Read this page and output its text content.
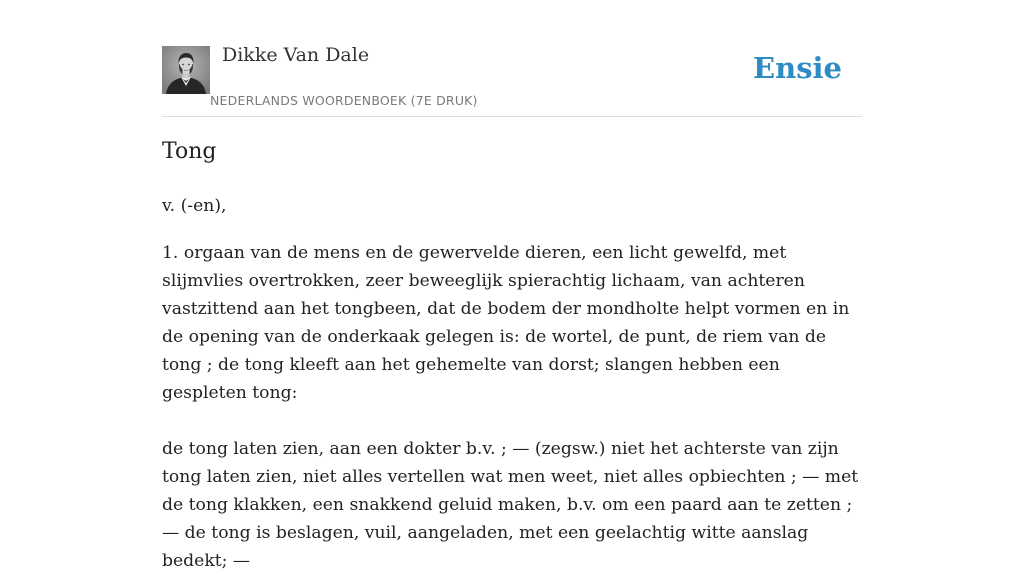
Dikke Van Dale
NEDERLANDS WOORDENBOEK (7E DRUK)
Ensie
Tong

v. (-en),

1. orgaan van de mens en de gewervelde dieren, een licht gewelfd, met slijmvlies overtrokken, zeer beweeglijk spierachtig lichaam, van achteren vastzittend aan het tongbeen, dat de bodem der mondholte helpt vormen en in de opening van de onderkaak gelegen is: de wortel, de punt, de riem van de tong ; de tong kleeft aan het gehemelte van dorst; slangen hebben een gespleten tong:

de tong laten zien, aan een dokter b.v. ; — (zegsw.) niet het achterste van zijn tong laten zien, niet alles vertellen wat men weet, niet alles opbiechten ; — met de tong klakken, een snakkend geluid maken, b.v. om een paard aan te zetten ; — de tong is beslagen, vuil, aangeladen, met een geelachtig witte aanslag bedekt; —
